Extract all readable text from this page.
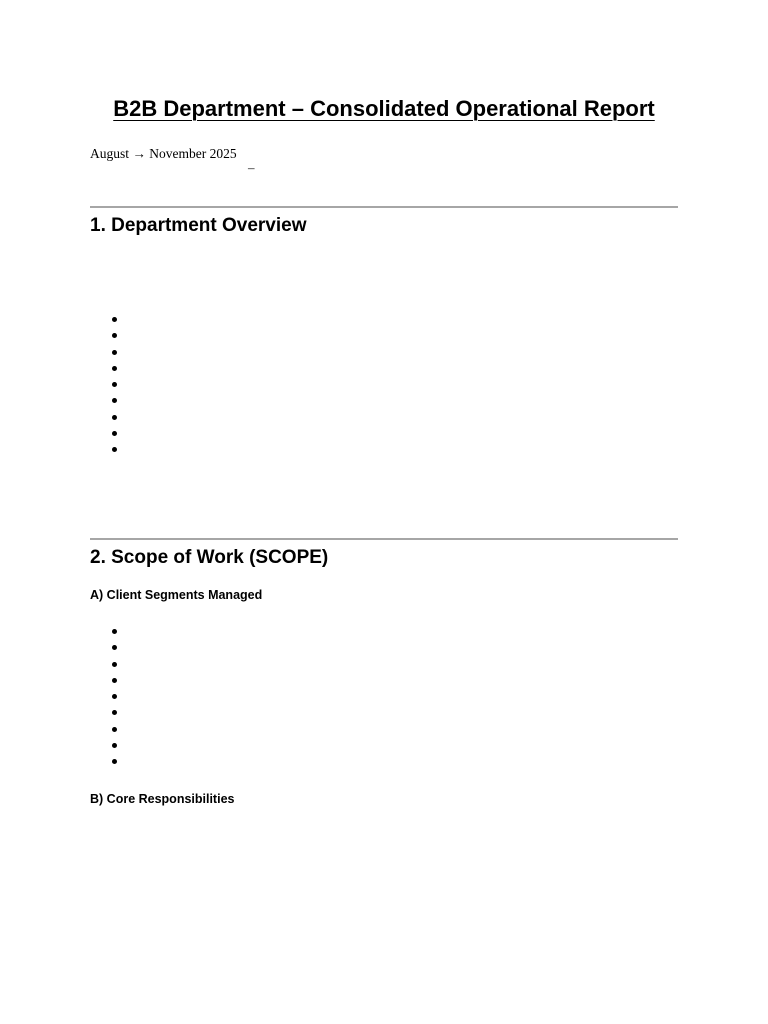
B2B Department – Consolidated Operational Report
August → November 2025
–
1. Department Overview
2. Scope of Work (SCOPE)
A) Client Segments Managed
B) Core Responsibilities
